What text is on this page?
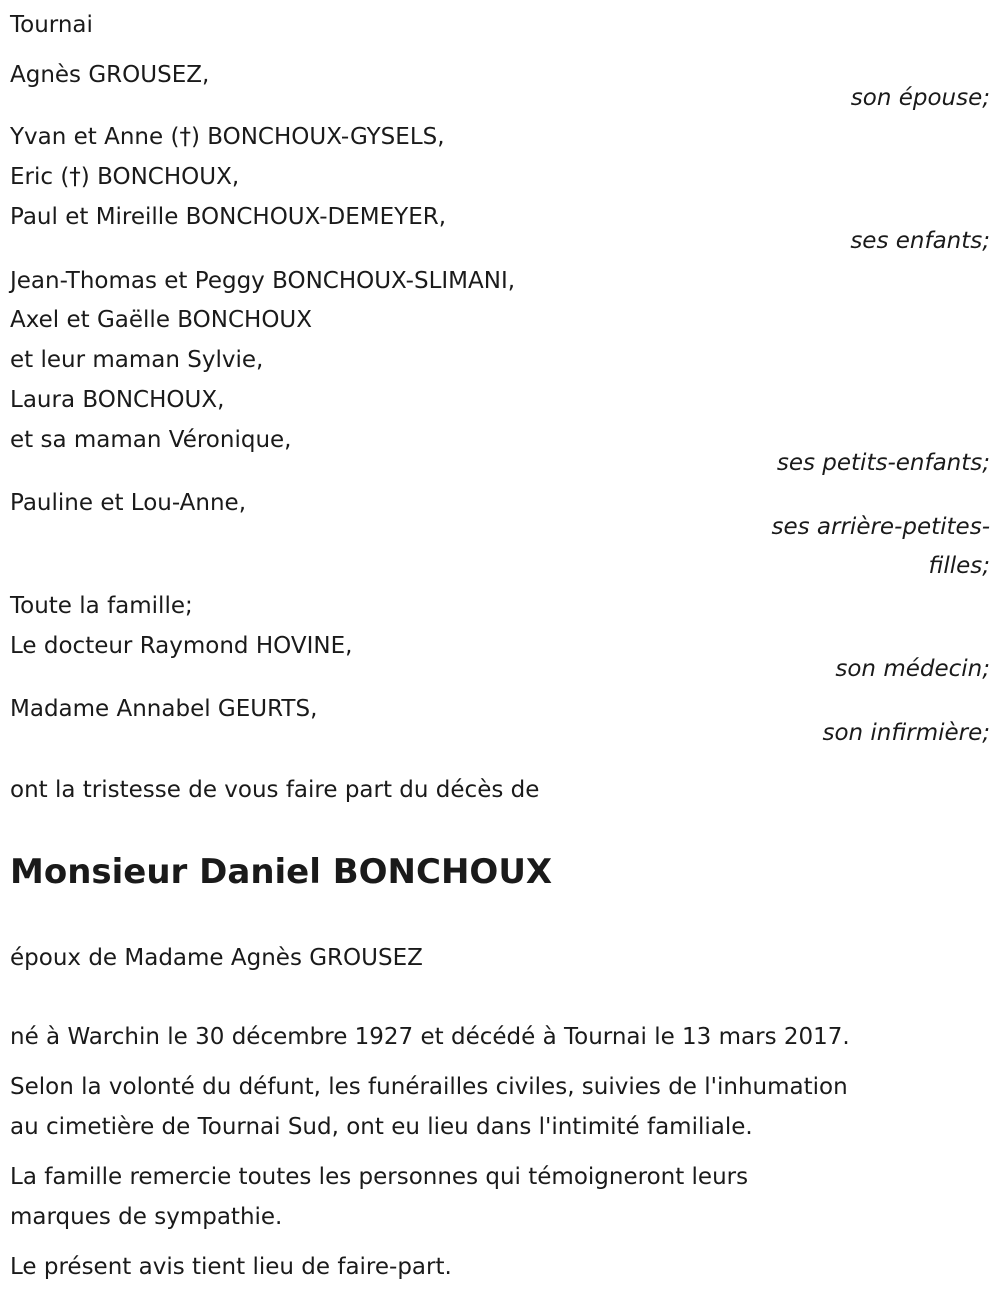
Tournai
Agnès GROUSEZ,
son épouse;
Yvan et Anne (†) BONCHOUX-GYSELS,
Eric (†) BONCHOUX,
Paul et Mireille BONCHOUX-DEMEYER,
ses enfants;
Jean-Thomas et Peggy BONCHOUX-SLIMANI,
Axel et Gaëlle BONCHOUX
et leur maman Sylvie,
Laura BONCHOUX,
et sa maman Véronique,
ses petits-enfants;
Pauline et Lou-Anne,
ses arrière-petites-
filles;
Toute la famille;
Le docteur Raymond HOVINE,
son médecin;
Madame Annabel GEURTS,
son infirmière;
ont la tristesse de vous faire part du décès de
Monsieur Daniel BONCHOUX
époux de Madame Agnès GROUSEZ
né à Warchin le 30 décembre 1927 et décédé à Tournai le 13 mars 2017.
Selon la volonté du défunt, les funérailles civiles, suivies de l'inhumation
au cimetière de Tournai Sud, ont eu lieu dans l'intimité familiale.
La famille remercie toutes les personnes qui témoigneront leurs
marques de sympathie.
Le présent avis tient lieu de faire-part.
